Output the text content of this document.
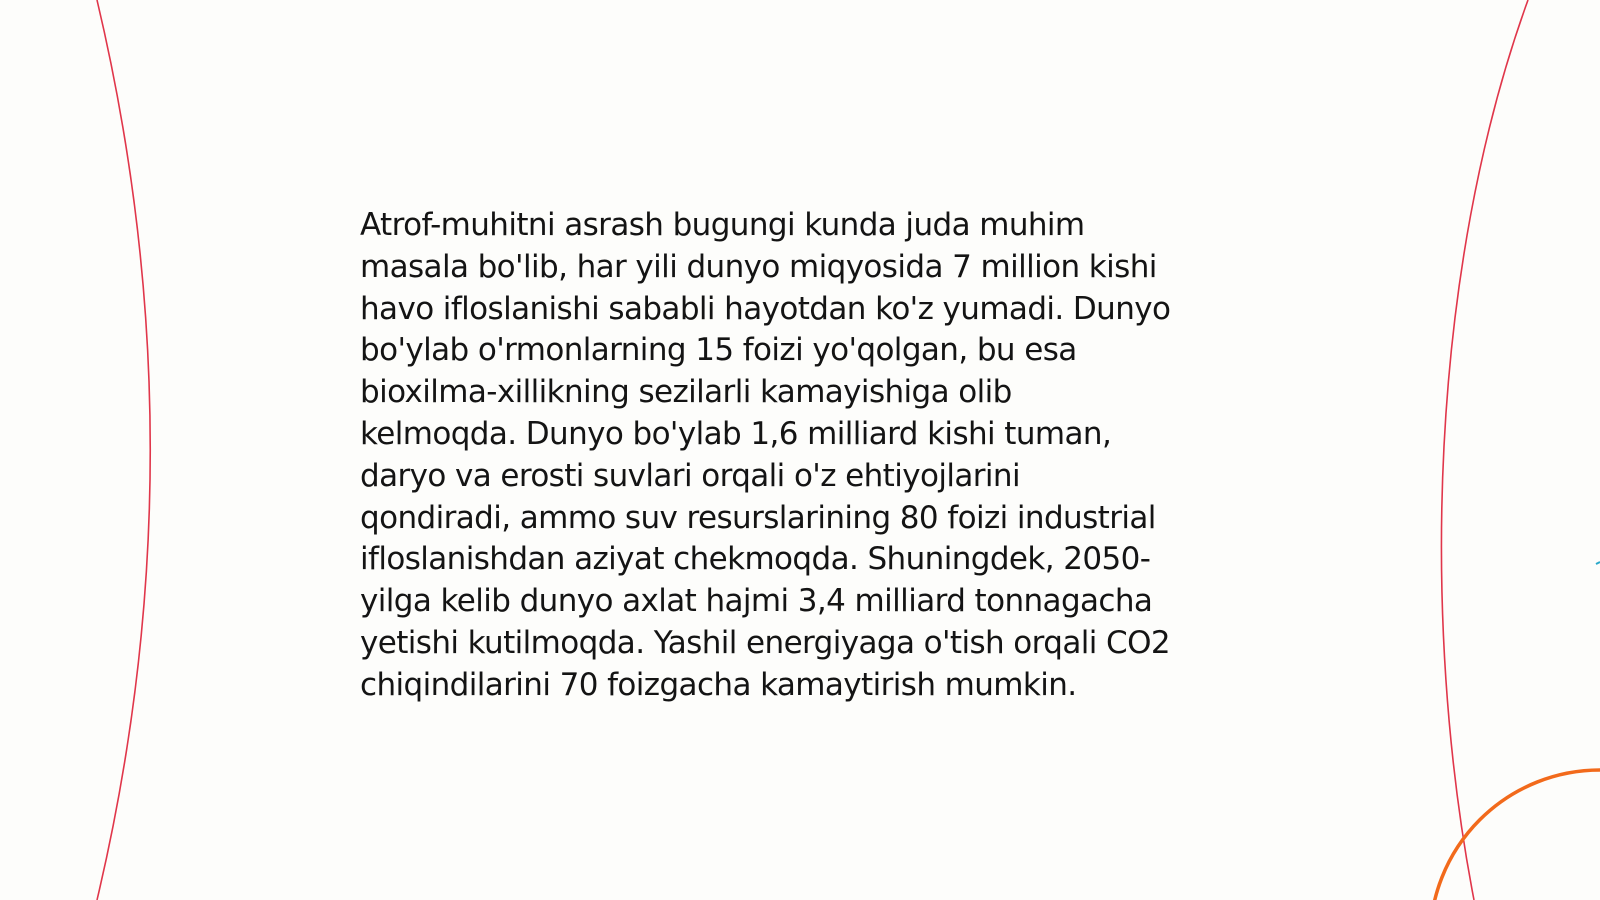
Atrof-muhitni asrash bugungi kunda juda muhim
masala bo'lib, har yili dunyo miqyosida 7 million kishi
havo ifloslanishi sababli hayotdan ko'z yumadi. Dunyo
bo'ylab o'rmonlarning 15 foizi yo'qolgan, bu esa
bioxilma-xillikning sezilarli kamayishiga olib
kelmoqda. Dunyo bo'ylab 1,6 milliard kishi tuman,
daryo va erosti suvlari orqali o'z ehtiyojlarini
qondiradi, ammo suv resurslarining 80 foizi industrial
ifloslanishdan aziyat chekmoqda. Shuningdek, 2050-
yilga kelib dunyo axlat hajmi 3,4 milliard tonnagacha
yetishi kutilmoqda. Yashil energiyaga o'tish orqali CO2
chiqindilarini 70 foizgacha kamaytirish mumkin.
